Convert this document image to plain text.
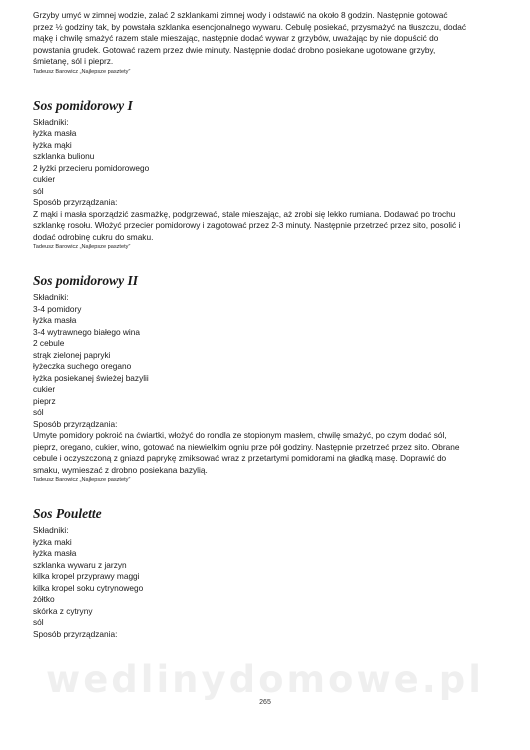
wedlinydomowe.pl

Grzyby umyć w zimnej wodzie, zalać 2 szklankami zimnej wody i odstawić na około 8 godzin. Następnie gotować

przez ½ godziny tak, by powstała szklanka esencjonalnego wywaru. Cebulę posiekać, przysmażyć na tłuszczu, dodać

mąkę i chwilę smażyć razem stale mieszając, następnie dodać wywar z grzybów, uważając by nie dopuścić do

powstania grudek. Gotować razem przez dwie minuty. Następnie dodać drobno posiekane ugotowane grzyby,

śmietanę, sól i pieprz.

Tadeusz Barowicz „Najlepsze pasztety”

Sos pomidorowy I

Składniki:

łyżka masła

łyżka mąki

szklanka bulionu

2 łyżki przecieru pomidorowego

cukier

sól

Sposób przyrządzania:

Z mąki i masła sporządzić zasmażkę, podgrzewać, stale mieszając, aż zrobi się lekko rumiana. Dodawać po trochu

szklankę rosołu. Włożyć przecier pomidorowy i zagotować przez 2-3 minuty. Następnie przetrzeć przez sito, posolić i

dodać odrobinę cukru do smaku.

Tadeusz Barowicz „Najlepsze pasztety”

Sos pomidorowy II

Składniki:

3-4 pomidory

łyżka masła

3-4 wytrawnego białego wina

2 cebule

strąk zielonej papryki

łyżeczka suchego oregano

łyżka posiekanej świeżej bazylii

cukier

pieprz

sól

Sposób przyrządzania:

Umyte pomidory pokroić na ćwiartki, włożyć do rondla ze stopionym masłem, chwilę smażyć, po czym dodać sól,

pieprz, oregano, cukier, wino, gotować na niewielkim ogniu prze pół godziny. Następnie przetrzeć przez sito. Obrane

cebule i oczyszczoną z gniazd paprykę zmiksować wraz z przetartymi pomidorami na gładką masę. Doprawić do

smaku, wymieszać z drobno posiekana bazylią.

Tadeusz Barowicz „Najlepsze pasztety”

Sos Poulette

Składniki:

łyżka maki

łyżka masła

szklanka wywaru z jarzyn

kilka kropel przyprawy maggi

kilka kropel soku cytrynowego

żółtko

skórka z cytryny

sól

Sposób przyrządzania:

265
